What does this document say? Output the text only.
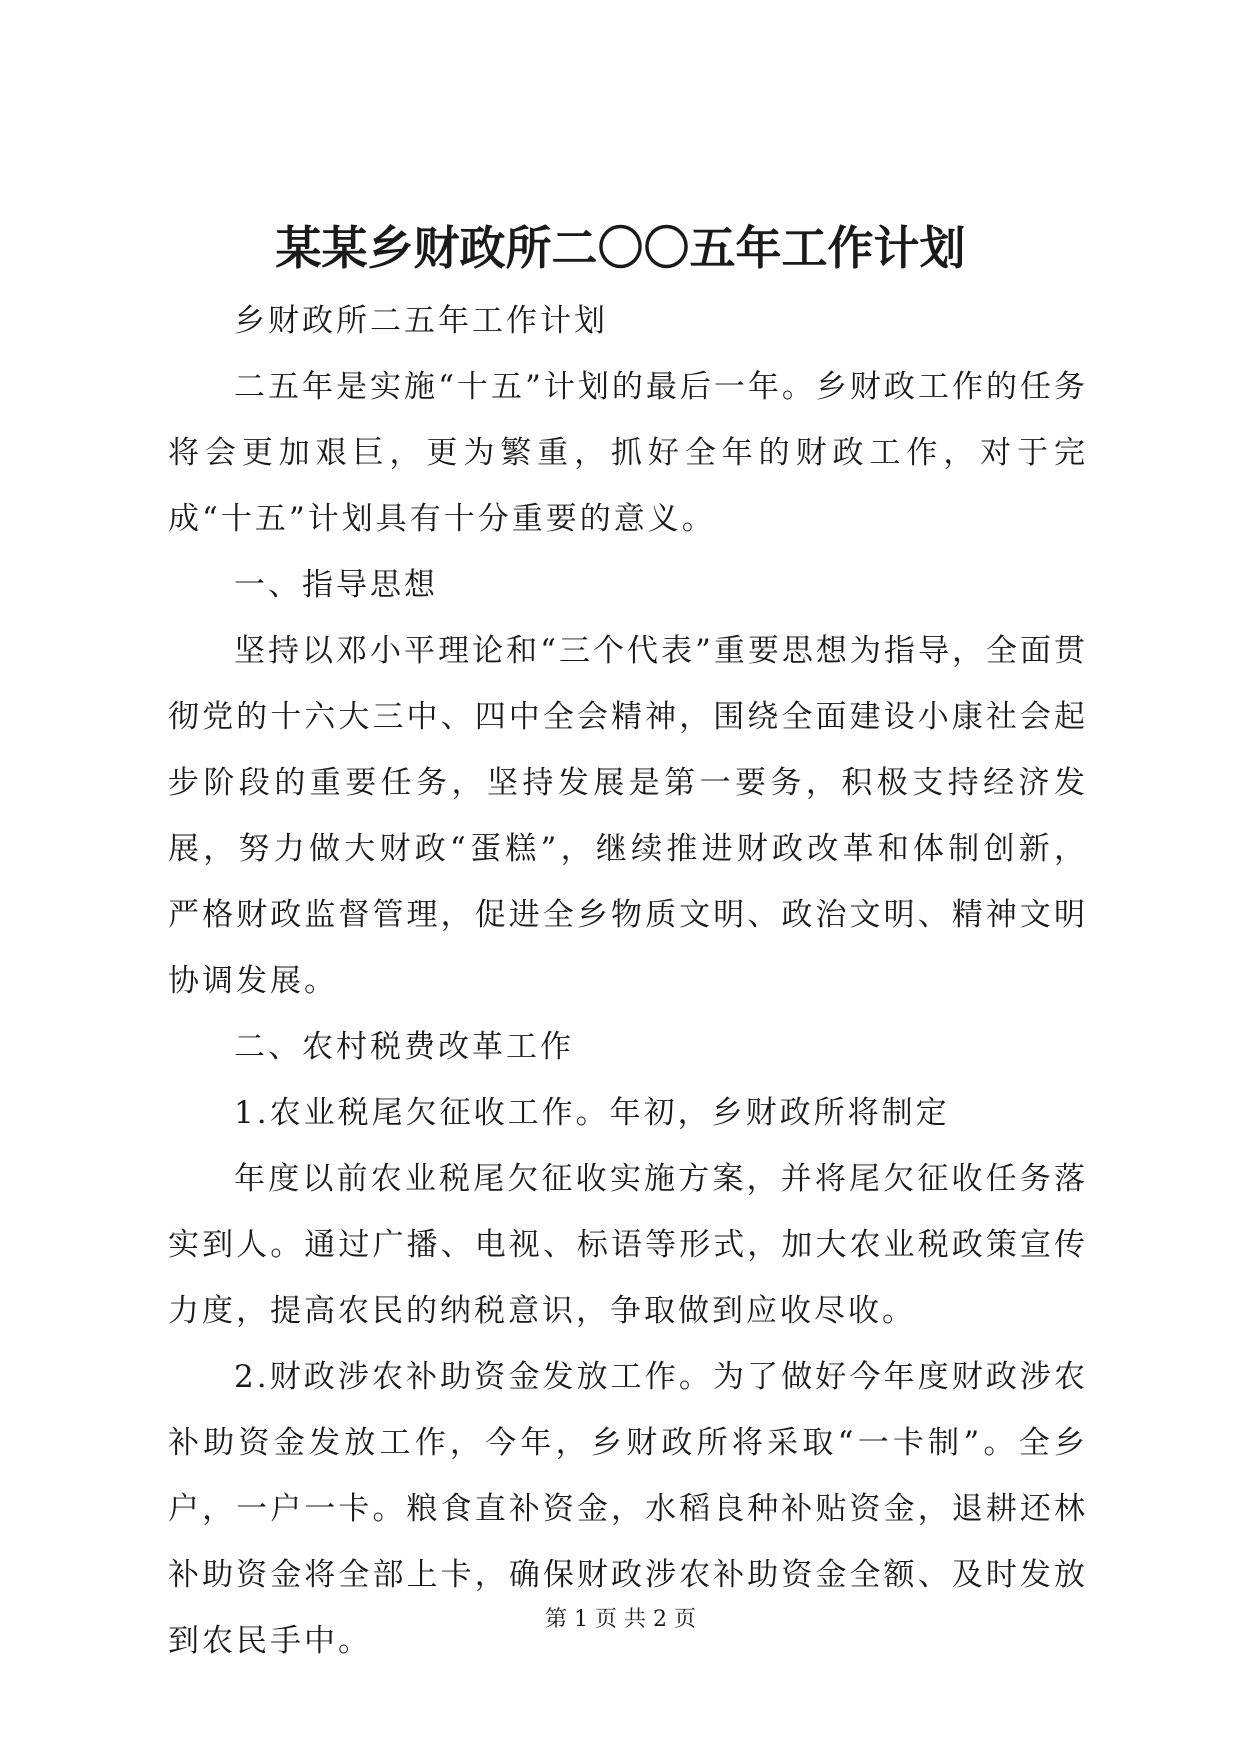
某某乡财政所二〇〇五年工作计划

乡财政所二五年工作计划

二五年是实施“十五”计划的最后一年。乡财政工作的任务将会更加艰巨，更为繁重，抓好全年的财政工作，对于完成“十五”计划具有十分重要的意义。

一、指导思想

坚持以邓小平理论和“三个代表”重要思想为指导，全面贯彻党的十六大三中、四中全会精神，围绕全面建设小康社会起步阶段的重要任务，坚持发展是第一要务，积极支持经济发展，努力做大财政“蛋糕”，继续推进财政改革和体制创新，严格财政监督管理，促进全乡物质文明、政治文明、精神文明协调发展。

二、农村税费改革工作

1.农业税尾欠征收工作。年初，乡财政所将制定

年度以前农业税尾欠征收实施方案，并将尾欠征收任务落实到人。通过广播、电视、标语等形式，加大农业税政策宣传力度，提高农民的纳税意识，争取做到应收尽收。

2.财政涉农补助资金发放工作。为了做好今年度财政涉农补助资金发放工作，今年，乡财政所将采取“一卡制”。全乡户，一户一卡。粮食直补资金，水稻良种补贴资金，退耕还林补助资金将全部上卡，确保财政涉农补助资金全额、及时发放到农民手中。

第 1 页 共 2 页
